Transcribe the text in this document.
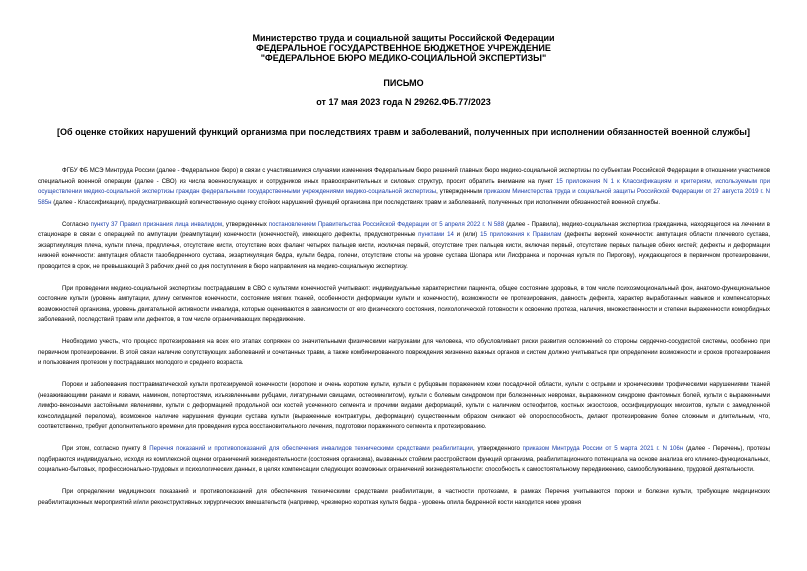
Министерство труда и социальной защиты Российской Федерации
ФЕДЕРАЛЬНОЕ ГОСУДАРСТВЕННОЕ БЮДЖЕТНОЕ УЧРЕЖДЕНИЕ
"ФЕДЕРАЛЬНОЕ БЮРО МЕДИКО-СОЦИАЛЬНОЙ ЭКСПЕРТИЗЫ"
ПИСЬМО
от 17 мая 2023 года N 29262.ФБ.77/2023
[Об оценке стойких нарушений функций организма при последствиях травм и заболеваний, полученных при исполнении обязанностей военной службы]

ФГБУ ФБ МСЭ Минтруда России (далее - Федеральное бюро) в связи с участившимися случаями изменения Федеральным бюро решений главных бюро медико-социальной экспертизы по субъектам Российской Федерации в отношении участников специальной военной операции (далее - СВО) из числа военнослужащих и сотрудников иных правоохранительных и силовых структур, просит обратить внимание на пункт 15 приложения N 1 к Классификациям и критериям, используемым при осуществлении медико-социальной экспертизы граждан федеральными государственными учреждениями медико-социальной экспертизы, утвержденным приказом Министерства труда и социальной защиты Российской Федерации от 27 августа 2019 г. N 585н (далее - Классификации), предусматривающий количественную оценку стойких нарушений функций организма при последствиях травм и заболеваний, полученных при исполнении обязанностей военной службы.

Согласно пункту 37 Правил признания лица инвалидом, утвержденных постановлением Правительства Российской Федерации от 5 апреля 2022 г. N 588 (далее - Правила), медико-социальная экспертиза гражданина, находящегося на лечении в стационаре в связи с операцией по ампутации (реампутации) конечности (конечностей), имеющего дефекты, предусмотренные пунктами 14 и (или) 15 приложения к Правилам (дефекты верхней конечности: ампутация области плечевого сустава, экзартикуляция плеча, культи плеча, предплечья, отсутствие кисти, отсутствие всех фаланг четырех пальцев кисти, исключая первый, отсутствие трех пальцев кисти, включая первый, отсутствие первых пальцев обеих кистей; дефекты и деформации нижней конечности: ампутация области тазобедренного сустава, экзартикуляция бедра, культи бедра, голени, отсутствие стопы на уровне сустава Шопара или Лисфранка и порочная культя по Пирогову), нуждающегося в первичном протезировании, проводится в срок, не превышающий 3 рабочих дней со дня поступления в бюро направления на медико-социальную экспертизу.

При проведении медико-социальной экспертизы пострадавшим в СВО с культями конечностей учитывают: индивидуальные характеристики пациента, общее состояние здоровья, в том числе психоэмоциональный фон, анатомо-функциональное состояние культи (уровень ампутации, длину сегментов конечности, состояние мягких тканей, особенности деформации культи и конечности), возможности ее протезирования, давность дефекта, характер выработанных навыков и компенсаторных возможностей организма, уровень двигательной активности инвалида, которые оцениваются в зависимости от его физического состояния, психологической готовности к освоению протеза, наличия, множественности и степени выраженности коморбидных заболеваний, последствий травм или дефектов, в том числе ограничивающих передвижение.

Необходимо учесть, что процесс протезирования на всех его этапах сопряжен со значительными физическими нагрузками для человека, что обусловливает риски развития осложнений со стороны сердечно-сосудистой системы, особенно при первичном протезировании. В этой связи наличие сопутствующих заболеваний и сочетанных травм, а также комбинированного повреждения жизненно важных органов и систем должно учитываться при определении возможности и сроков протезирования и пользования протезом у пострадавших молодого и среднего возраста.

Пороки и заболевания посттравматической культи протезируемой конечности (короткие и очень короткие культи, культи с рубцовым поражением кожи посадочной области, культи с острыми и хроническими трофическими нарушениями тканей (незаживающими ранами и язвами, намином, потертостями, изъязвленными рубцами, лигатурными свищами, остеомиелитом), культи с болевым синдромом при болезненных невромах, выраженном синдроме фантомных болей, культи с выраженными лимфо-венозными застойными явлениями, культи с деформацией продольной оси костей усеченного сегмента и прочими видами деформаций, культи с наличием остеофитов, костных экзостозов, оссифицирующих миозитов, культи с замедленной консолидацией перелома), возможное наличие нарушения функции сустава культи (выраженные контрактуры, деформации) существенным образом снижают её опороспособность, делают протезирование более сложным и длительным, что, соответственно, требует дополнительного времени для проведения курса восстановительного лечения, подготовки пораженного сегмента к протезированию.

При этом, согласно пункту 8 Перечня показаний и противопоказаний для обеспечения инвалидов техническими средствами реабилитации, утвержденного приказом Минтруда России от 5 марта 2021 г. N 106н (далее - Перечень), протезы подбираются индивидуально, исходя из комплексной оценки ограничений жизнедеятельности (состояния организма), вызванных стойким расстройством функций организма, реабилитационного потенциала на основе анализа его клинико-функциональных, социально-бытовых, профессионально-трудовых и психологических данных, в целях компенсации следующих возможных ограничений жизнедеятельности: способность к самостоятельному передвижению, самообслуживанию, трудовой деятельности.

При определении медицинских показаний и противопоказаний для обеспечения техническими средствами реабилитации, в частности протезами, в рамках Перечня учитываются пороки и болезни культи, требующие медицинских реабилитационных мероприятий и/или реконструктивных хирургических вмешательств (например, чрезмерно короткая культя бедра - уровень опила бедренной кости находится ниже уровня
